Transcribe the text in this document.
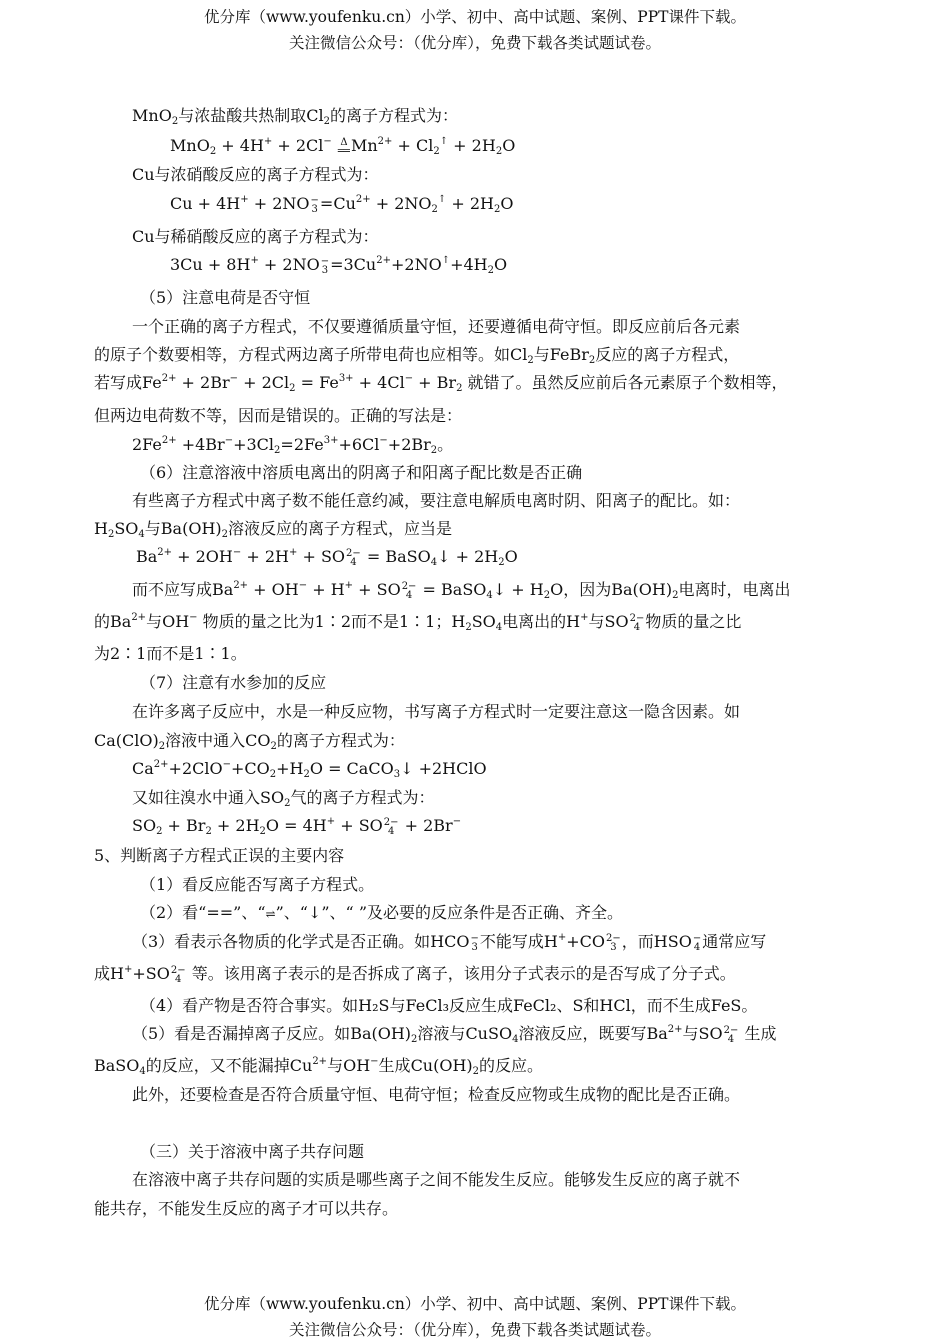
优分库（www.youfenku.cn）小学、初中、高中试题、案例、PPT课件下载。
关注微信公众号：（优分库），免费下载各类试题试卷。
MnO$_2$与浓盐酸共热制取$Cl_2$的离子方程式为：
MnO$_2$ + 4H+ + 2Cl− Δ
══ $Mn^{2+} + Cl_2^↑ + 2H_2O$
Cu与浓硝酸反应的离子方程式为：
Cu + 4H+ + 2NO −
$3 =Cu^{2+} + 2NO_2^↑ + 2H_2O$
Cu与稀硝酸反应的离子方程式为：
3Cu + 8H+ + 2NO −
$3 =3Cu^{2+}+2NO^↑+4H_2O$
（5）注意电荷是否守恒
一个正确的离子方程式，不仅要遵循质量守恒，还要遵循电荷守恒。即反应前后各元素
的原子个数要相等，方程式两边离子所带电荷也应相等。如$Cl_2$与FeBr$_2$反应的离子方程式，
若写成$Fe^{2+} + 2Br^- + 2Cl_2 = Fe^{3+} + 4Cl^- + Br_2$ 就错了。虽然反应前后各元素原子个数相等，
但两边电荷数不等，因而是错误的。正确的写法是：
$2Fe^{2+} +4Br^-+3Cl_2=2Fe^{3+}+6Cl^-+2Br_2$。
（6）注意溶液中溶质电离出的阴离子和阳离子配比数是否正确
有些离子方程式中离子数不能任意约减，要注意电解质电离时阴、阳离子的配比。如：
$H_2SO_4$与$Ba(OH)_2$溶液反应的离子方程式，应当是
$Ba^{2+} + 2OH^- + 2H^+$ + SO 2−
4 = BaSO$_4$↓ + $2H_2O$
而不应写成$Ba^{2+} + OH^- + H^+$ + SO 2−
4 = BaSO$_4$↓ + $H_2O$，因为$Ba(OH)_2$电离时，电离出
的$Ba^{2+}$与OH− 物质的量之比为1∶2而不是1∶1；$H_2SO_4$电离出的H+与SO 2−
4 物质的量之比
为2∶1而不是1∶1。
（7）注意有水参加的反应
在许多离子反应中，水是一种反应物，书写离子方程式时一定要注意这一隐含因素。如
$Ca(ClO)_2$溶液中通入$CO_2$的离子方程式为：
$Ca^{2+}+2ClO^-+CO_2+H_2O$ = CaCO$_3$↓ +2HClO
又如往溴水中通入$SO_2$气的离子方程式为：
$SO_2 + Br_2 + 2H_2O = 4H^+$ + SO 2−
4 + 2Br−
5、判断离子方程式正误的主要内容
（1）看反应能否写离子方程式。
（2）看“==”、“⇌”、“↓”、“ ”及必要的反应条件是否正确、齐全。
（3）看表示各物质的化学式是否正确。如HCO −
3 不能写成H++CO 2−
3 ，而HSO −
4 通常应写
成H++SO 2−
4 等。该用离子表示的是否拆成了离子，该用分子式表示的是否写成了分子式。
（4）看产物是否符合事实。如H₂S与FeCl₃反应生成FeCl₂、S和HCl，而不生成FeS。
（5）看是否漏掉离子反应。如$Ba(OH)_2$溶液与CuSO$_4$溶液反应，既要写$Ba^{2+}$与SO 2−
4 生成
BaSO$_4$的反应，又不能漏掉$Cu^{2+}$与OH−生成$Cu(OH)_2$的反应。
此外，还要检查是否符合质量守恒、电荷守恒；检查反应物或生成物的配比是否正确。
（三）关于溶液中离子共存问题
在溶液中离子共存问题的实质是哪些离子之间不能发生反应。能够发生反应的离子就不
能共存，不能发生反应的离子才可以共存。
优分库（www.youfenku.cn）小学、初中、高中试题、案例、PPT课件下载。
关注微信公众号：（优分库），免费下载各类试题试卷。
